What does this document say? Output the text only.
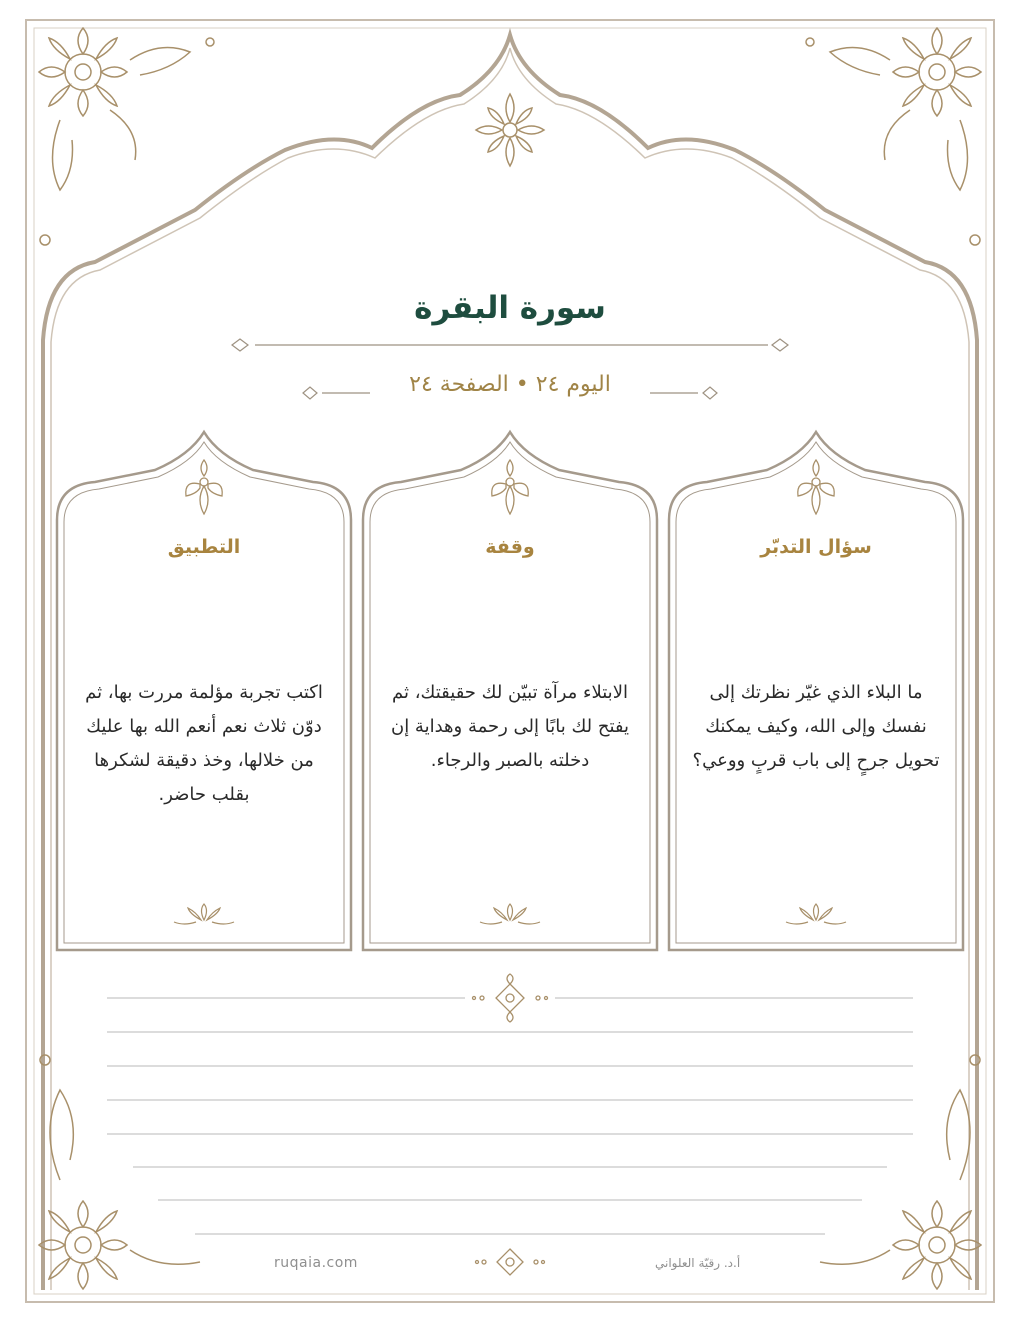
سورة البقرة
اليوم ٢٤ • الصفحة ٢٤
سؤال التدبّر
ما البلاء الذي غيّر نظرتك إلى نفسك وإلى الله، وكيف يمكنك تحويل جرحٍ إلى باب قربٍ ووعي؟
وقفة
الابتلاء مرآة تبيّن لك حقيقتك، ثم يفتح لك بابًا إلى رحمة وهداية إن دخلته بالصبر والرجاء.
التطبيق
اكتب تجربة مؤلمة مررت بها، ثم دوّن ثلاث نعم أنعم الله بها عليك من خلالها، وخذ دقيقة لشكرها بقلب حاضر.
ruqaia.com	أ.د. رقيّة العلواني
